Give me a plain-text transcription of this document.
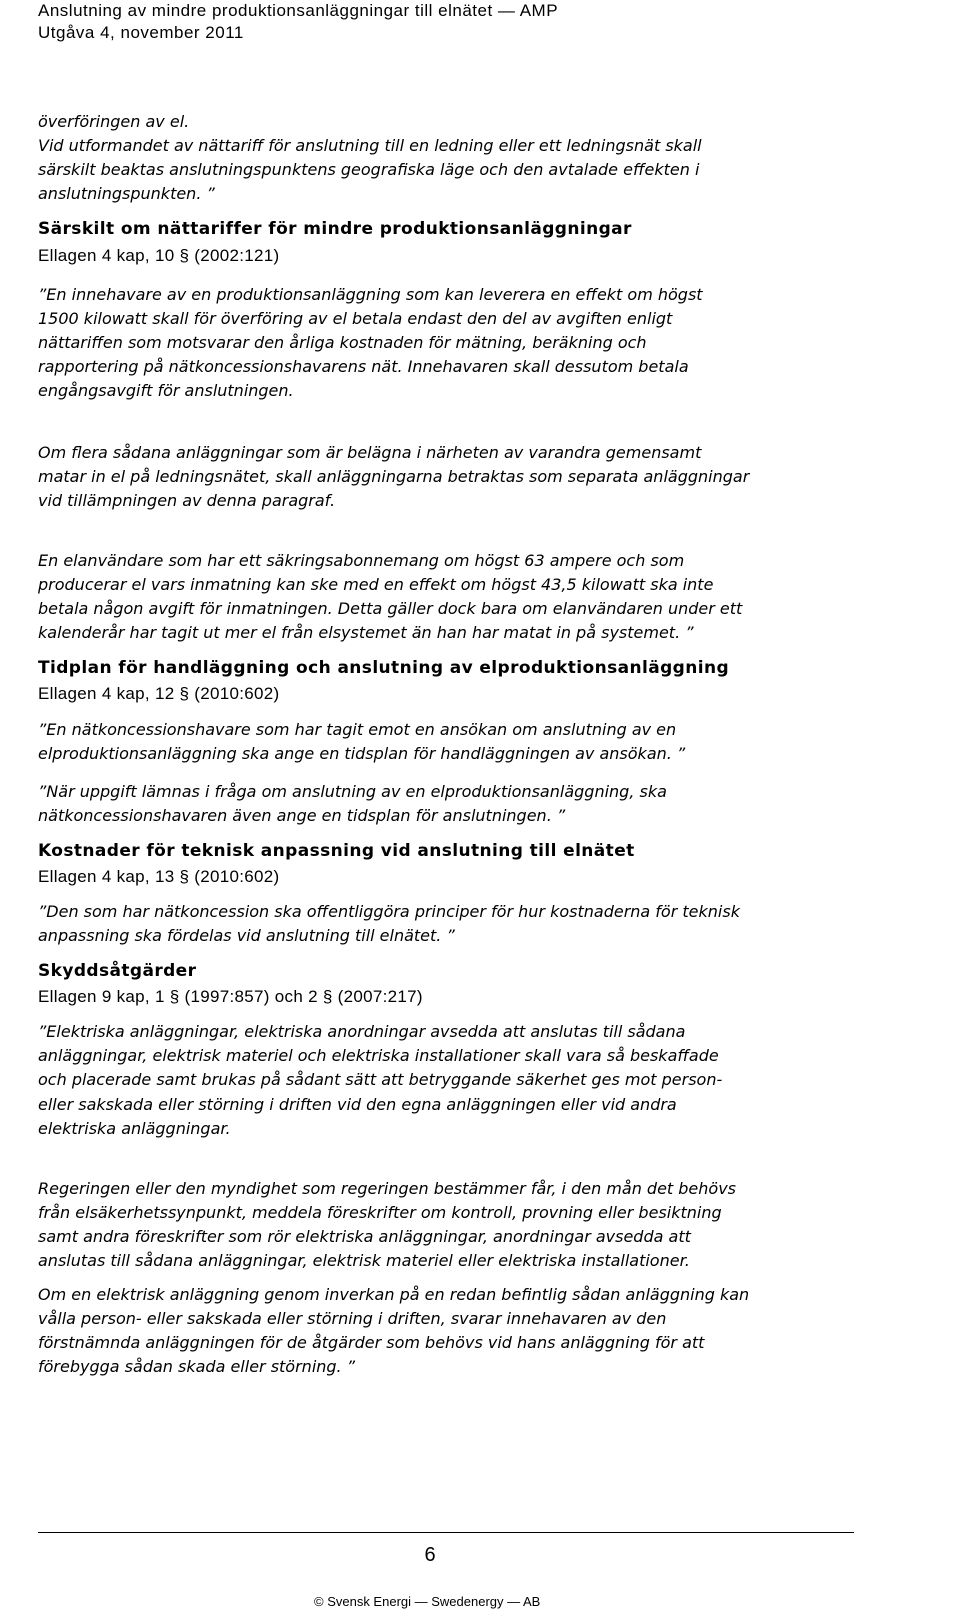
Anslutning av mindre produktionsanläggningar till elnätet — AMP
Utgåva 4, november 2011
överföringen av el.
Vid utformandet av nättariff för anslutning till en ledning eller ett ledningsnät skall
särskilt beaktas anslutningspunktens geografiska läge och den avtalade effekten i
anslutningspunkten. ”
Särskilt om nättariffer för mindre produktionsanläggningar
Ellagen 4 kap, 10 § (2002:121)
”En innehavare av en produktionsanläggning som kan leverera en effekt om högst
1500 kilowatt skall för överföring av el betala endast den del av avgiften enligt
nättariffen som motsvarar den årliga kostnaden för mätning, beräkning och
rapportering på nätkoncessionshavarens nät. Innehavaren skall dessutom betala
engångsavgift för anslutningen.
Om flera sådana anläggningar som är belägna i närheten av varandra gemensamt
matar in el på ledningsnätet, skall anläggningarna betraktas som separata anläggningar
vid tillämpningen av denna paragraf.
En elanvändare som har ett säkringsabonnemang om högst 63 ampere och som
producerar el vars inmatning kan ske med en effekt om högst 43,5 kilowatt ska inte
betala någon avgift för inmatningen. Detta gäller dock bara om elanvändaren under ett
kalenderår har tagit ut mer el från elsystemet än han har matat in på systemet. ”
Tidplan för handläggning och anslutning av elproduktionsanläggning
Ellagen 4 kap, 12 § (2010:602)
”En nätkoncessionshavare som har tagit emot en ansökan om anslutning av en
elproduktionsanläggning ska ange en tidsplan för handläggningen av ansökan. ”
”När uppgift lämnas i fråga om anslutning av en elproduktionsanläggning, ska
nätkoncessionshavaren även ange en tidsplan för anslutningen. ”
Kostnader för teknisk anpassning vid anslutning till elnätet
Ellagen 4 kap, 13 § (2010:602)
”Den som har nätkoncession ska offentliggöra principer för hur kostnaderna för teknisk
anpassning ska fördelas vid anslutning till elnätet. ”
Skyddsåtgärder
Ellagen 9 kap, 1 § (1997:857) och 2 § (2007:217)
”Elektriska anläggningar, elektriska anordningar avsedda att anslutas till sådana
anläggningar, elektrisk materiel och elektriska installationer skall vara så beskaffade
och placerade samt brukas på sådant sätt att betryggande säkerhet ges mot person-
eller sakskada eller störning i driften vid den egna anläggningen eller vid andra
elektriska anläggningar.
Regeringen eller den myndighet som regeringen bestämmer får, i den mån det behövs
från elsäkerhetssynpunkt, meddela föreskrifter om kontroll, provning eller besiktning
samt andra föreskrifter som rör elektriska anläggningar, anordningar avsedda att
anslutas till sådana anläggningar, elektrisk materiel eller elektriska installationer.
Om en elektrisk anläggning genom inverkan på en redan befintlig sådan anläggning kan
vålla person- eller sakskada eller störning i driften, svarar innehavaren av den
förstnämnda anläggningen för de åtgärder som behövs vid hans anläggning för att
förebygga sådan skada eller störning. ”
6
© Svensk Energi — Swedenergy — AB
